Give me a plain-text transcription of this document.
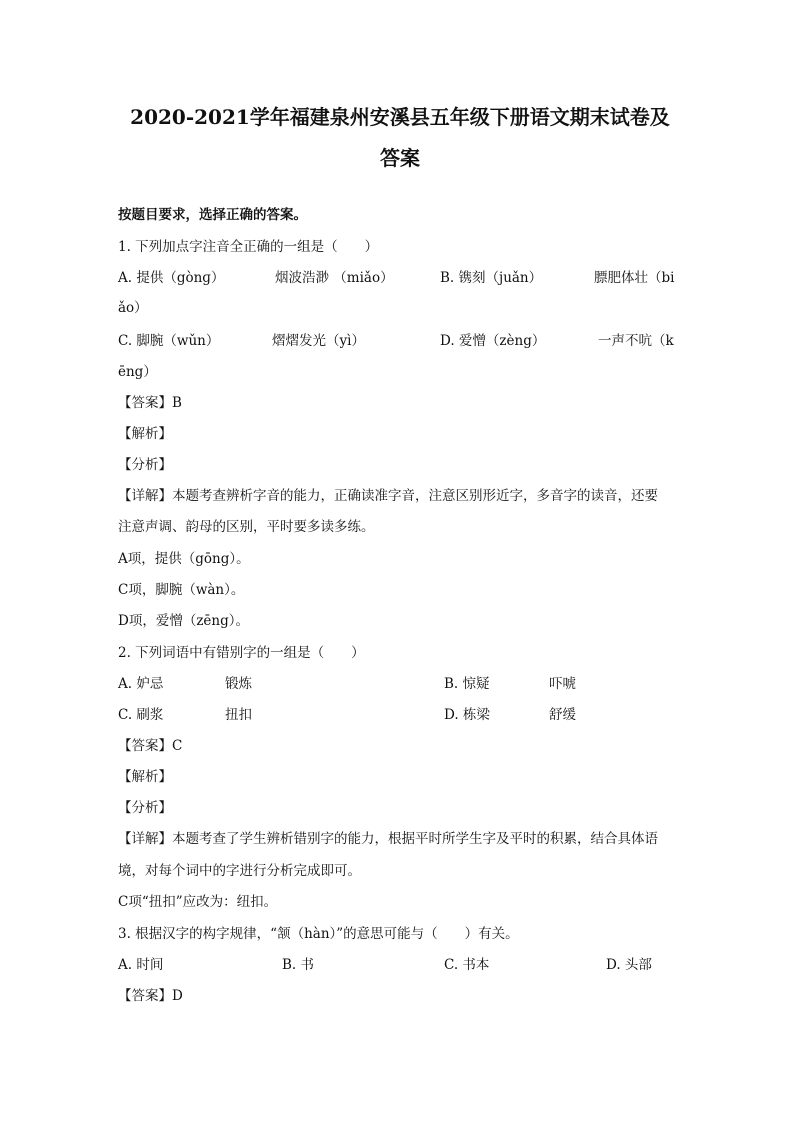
2020-2021学年福建泉州安溪县五年级下册语文期末试卷及
答案
按题目要求，选择正确的答案。
1. 下列加点字注音全正确的一组是（　　）
A. 提供（gònɡ）	烟波浩渺 （miǎo）	B. 镌刻（juǎn）	膘肥体壮（bi
ǎo）
C. 脚腕（wǔn）	熠熠发光（yì）	D. 爱憎（zèng）	一声不吭（k
ēng）
【答案】B
【解析】
【分析】
【详解】本题考查辨析字音的能力，正确读准字音，注意区别形近字，多音字的读音，还要
注意声调、韵母的区别，平时要多读多练。
A项，提供（gōng）。
C项，脚腕（wàn）。
D项，爱憎（zēng）。
2. 下列词语中有错别字的一组是（　　）
A. 妒忌	锻炼	B. 惊疑	吓唬
C. 刷浆	扭扣	D. 栋梁	舒缓
【答案】C
【解析】
【分析】
【详解】本题考查了学生辨析错别字的能力，根据平时所学生字及平时的积累，结合具体语
境，对每个词中的字进行分析完成即可。
C项“扭扣”应改为：纽扣。
3. 根据汉字的构字规律，“颔（hàn）”的意思可能与（　　）有关。
A. 时间	B. 书	C. 书本	D. 头部
【答案】D
